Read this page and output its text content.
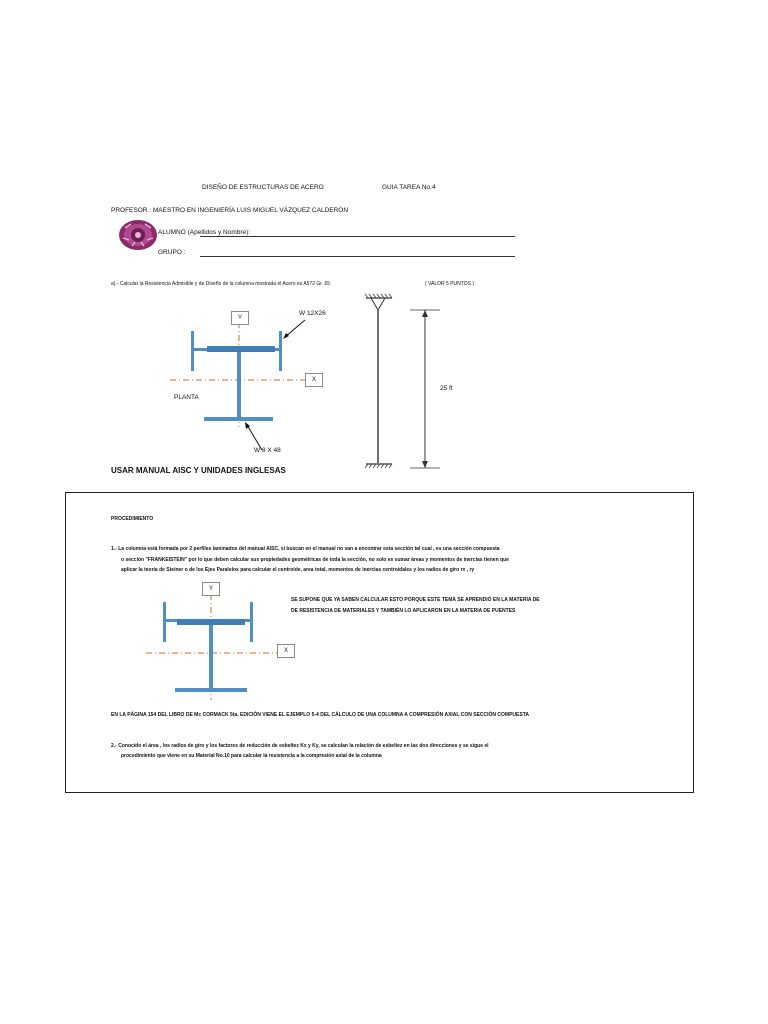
DISEÑO DE ESTRUCTURAS DE ACERO	GUIA TAREA No.4
PROFESOR : MAESTRO EN INGENIERÍA LUIS MIGUEL VÁZQUEZ CALDERÓN
ALUMNO (Apellidos y Nombre):
GRUPO :
a).- Calcular la Resistencia Admisible y de Diseño de la columna mostrada el Acero es A572 Gr. 65	( VALOR 5 PUNTOS )
Y
X
W 12X26
W 8 X 48
PLANTA
25 ft
USAR MANUAL AISC Y UNIDADES INGLESAS
PROCEDIMIENTO
1.- La columna está formada por 2 perfiles laminados del manual AISC, si buscan en el manual no van a encontrar esta sección tal cual , es una sección compuesta
o sección "FRANKEISTEIN" por lo que deben calcular sus propiedades geométricas de toda la sección, no solo es sumar áreas y momentos de inercias tienen que
aplicar la teoría de Steiner o de los Ejes Paralelos para calcular el centroide, area total, momentos de inercias centroidales y los radios de giro rx , ry
Y
X
SE SUPONE QUE YA SABEN CALCULAR ESTO PORQUE ESTE TEMA SE APRENDIÓ EN LA MATERIA DE
DE RESISTENCIA DE MATERIALES Y TAMBIÉN LO APLICARON EN LA MATERIA DE PUENTES
EN LA PÁGINA 154 DEL LIBRO DE Mc CORMACK 5ta. EDICIÓN VIENE EL EJEMPLO 5-4 DEL CÁLCULO DE UNA COLUMNA A COMPRESIÓN AXIAL CON SECCIÓN COMPUESTA
2.- Conocido el área , los radios de giro y los factores de reducción de esbeltez Kx y Ky, se calculan la relación de esbeltez en las dos direcciones y se sigue el
procedimiento que viene en su Material No.10 para calcular la resistencia a la compresión axial de la columna
